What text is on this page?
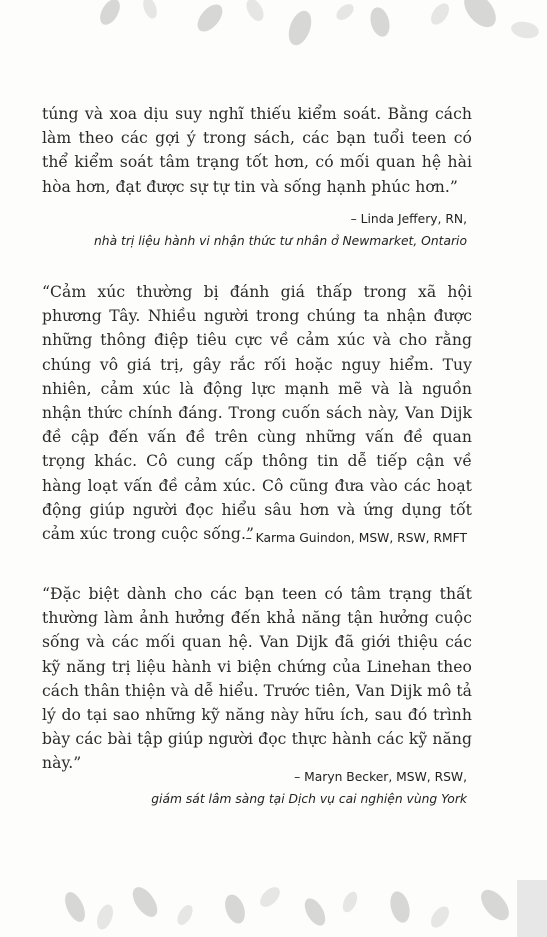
túng và xoa dịu suy nghĩ thiếu kiểm soát. Bằng cách làm theo các gợi ý trong sách, các bạn tuổi teen có thể kiểm soát tâm trạng tốt hơn, có mối quan hệ hài hòa hơn, đạt được sự tự tin và sống hạnh phúc hơn.”

– Linda Jeffery, RN,
nhà trị liệu hành vi nhận thức tư nhân ở Newmarket, Ontario

“Cảm xúc thường bị đánh giá thấp trong xã hội phương Tây. Nhiều người trong chúng ta nhận được những thông điệp tiêu cực về cảm xúc và cho rằng chúng vô giá trị, gây rắc rối hoặc nguy hiểm. Tuy nhiên, cảm xúc là động lực mạnh mẽ và là nguồn nhận thức chính đáng. Trong cuốn sách này, Van Dijk đề cập đến vấn đề trên cùng những vấn đề quan trọng khác. Cô cung cấp thông tin dễ tiếp cận về hàng loạt vấn đề cảm xúc. Cô cũng đưa vào các hoạt động giúp người đọc hiểu sâu hơn và ứng dụng tốt cảm xúc trong cuộc sống.”

– Karma Guindon, MSW, RSW, RMFT

“Đặc biệt dành cho các bạn teen có tâm trạng thất thường làm ảnh hưởng đến khả năng tận hưởng cuộc sống và các mối quan hệ. Van Dijk đã giới thiệu các kỹ năng trị liệu hành vi biện chứng của Linehan theo cách thân thiện và dễ hiểu. Trước tiên, Van Dijk mô tả lý do tại sao những kỹ năng này hữu ích, sau đó trình bày các bài tập giúp người đọc thực hành các kỹ năng này.”

– Maryn Becker, MSW, RSW,
giám sát lâm sàng tại Dịch vụ cai nghiện vùng York
